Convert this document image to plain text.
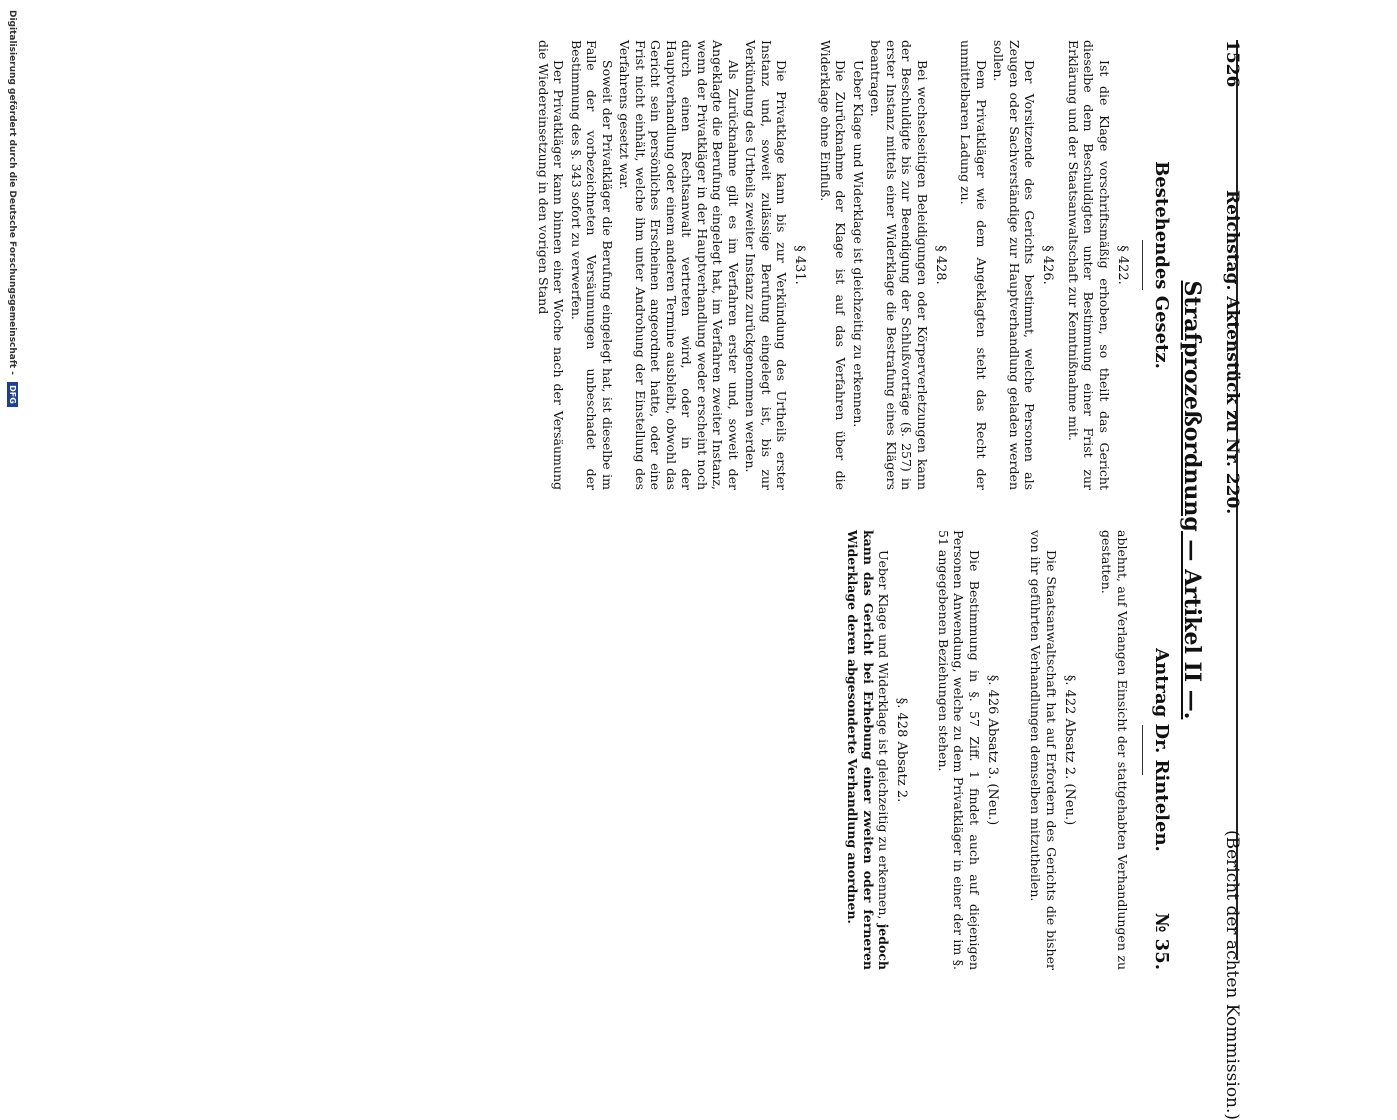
1526
Reichstag. Aktenstück zu Nr. 220.
(Bericht der achten Kommission.)
Strafprozeßordnung — Artikel II —.
Bestehendes Gesetz.
§ 422.

Ist die Klage vorschriftsmäßig erhoben, so theilt das Gericht dieselbe dem Beschuldigten unter Bestimmung einer Frist zur Erklärung und der Staatsanwaltschaft zur Kenntnißnahme mit.

§ 426.

Der Vorsitzende des Gerichts bestimmt, welche Personen als Zeugen oder Sachverständige zur Hauptverhandlung geladen werden sollen.

Dem Privatkläger wie dem Angeklagten steht das Recht der unmittelbaren Ladung zu.

§ 428.

Bei wechselseitigen Beleidigungen oder Körperverletzungen kann der Beschuldigte bis zur Beendigung der Schlußvorträge (§. 257) in erster Instanz mittels einer Widerklage die Bestrafung eines Klägers beantragen.

Ueber Klage und Widerklage ist gleichzeitig zu erkennen.

Die Zurücknahme der Klage ist auf das Verfahren über die Widerklage ohne Einfluß.

§ 431.

Die Privatklage kann bis zur Verkündung des Urtheils erster Instanz und, soweit zulässige Berufung eingelegt ist, bis zur Verkündung des Urtheils zweiter Instanz zurückgenommen werden.

Als Zurücknahme gilt es im Verfahren erster und, soweit der Angeklagte die Berufung eingelegt hat, im Verfahren zweiter Instanz, wenn der Privatkläger in der Hauptverhandlung weder erscheint noch durch einen Rechtsanwalt vertreten wird, oder in der Hauptverhandlung oder einem anderen Termine ausbleibt, obwohl das Gericht sein persönliches Erscheinen angeordnet hatte, oder eine Frist nicht einhält, welche ihm unter Androhung der Einstellung des Verfahrens gesetzt war.

Soweit der Privatkläger die Berufung eingelegt hat, ist dieselbe im Falle der vorbezeichneten Versäumungen unbeschadet der Bestimmung des §. 343 sofort zu verwerfen.

Der Privatkläger kann binnen einer Woche nach der Versäumung die Wiedereinsetzung in den vorigen Stand

Antrag Dr. Rintelen.
№ 35.

ablehnt, auf Verlangen Einsicht der stattgehabten Verhandlungen zu gestatten.

§. 422 Absatz 2. (Neu.)

Die Staatsanwaltschaft hat auf Erfordern des Gerichts die bisher von ihr geführten Verhandlungen demselben mitzutheilen.

§. 426 Absatz 3. (Neu.)

Die Bestimmung in §. 57 Ziff. 1 findet auch auf diejenigen Personen Anwendung, welche zu dem Privatkläger in einer der im §. 51 angegebenen Beziehungen stehen.

§. 428 Absatz 2.

Ueber Klage und Widerklage ist gleichzeitig zu erkennen, jedoch kann das Gericht bei Erhebung einer zweiten oder ferneren Widerklage deren abgesonderte Verhandlung anordnen.

Digitalisierung gefördert durch die Deutsche Forschungsgemeinschaft - DFG
